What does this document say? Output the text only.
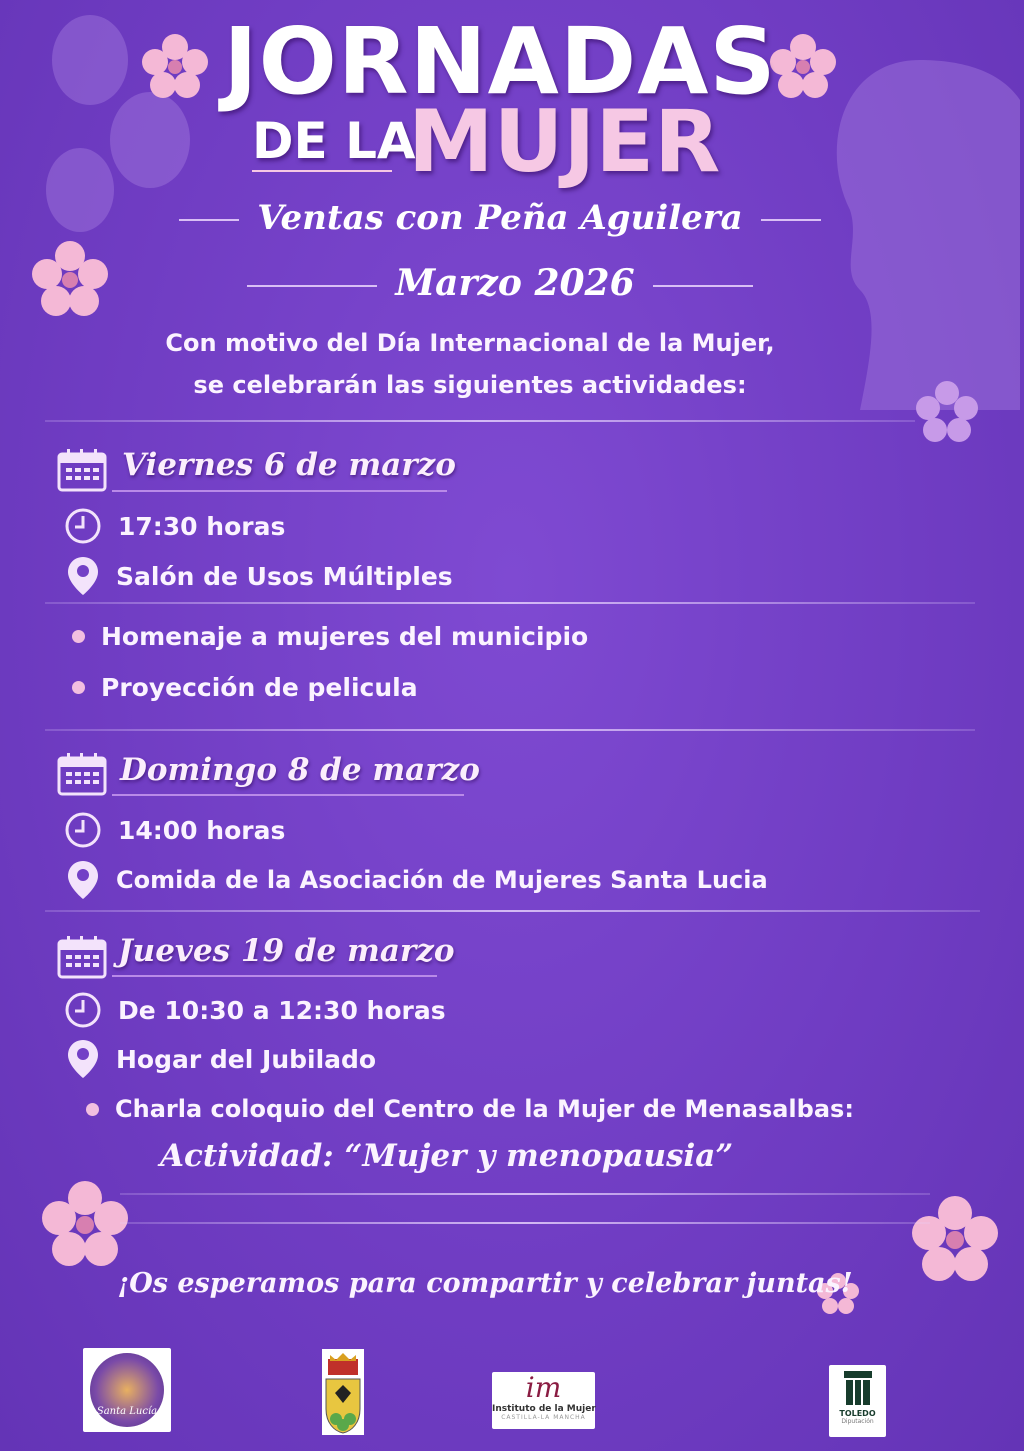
JORNADAS
DE LA
MUJER
Ventas con Peña Aguilera
Marzo 2026
Con motivo del Día Internacional de la Mujer,
se celebrarán las siguientes actividades:
Viernes 6 de marzo
17:30 horas
Salón de Usos Múltiples
Homenaje a mujeres del municipio
Proyección de pelicula
Domingo 8 de marzo
14:00 horas
Comida de la Asociación de Mujeres Santa Lucia
Jueves 19 de marzo
De 10:30 a 12:30 horas
Hogar del Jubilado
Charla coloquio del Centro de la Mujer de Menasalbas:
Actividad: “Mujer y menopausia”
¡Os esperamos para compartir y celebrar juntas!
Santa Lucía
im
Instituto de la Mujer
CASTILLA-LA MANCHA	TOLEDO
Diputación
